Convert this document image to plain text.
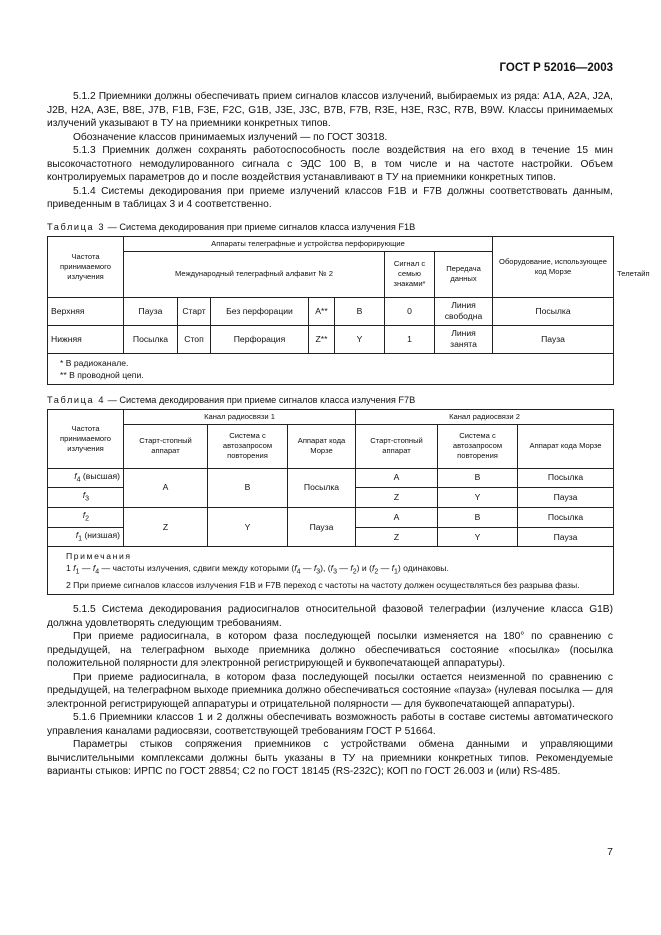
ГОСТ Р 52016—2003

5.1.2 Приемники должны обеспечивать прием сигналов классов излучений, выбираемых из ряда: A1A, A2A, J2A, J2B, H2A, A3E, B8E, J7B, F1B, F3E, F2C, G1B, J3E, J3C, B7B, F7B, R3E, H3E, R3C, R7B, B9W. Классы принимаемых излучений указывают в ТУ на приемники конкретных типов.

Обозначение классов принимаемых излучений — по ГОСТ 30318.

5.1.3 Приемник должен сохранять работоспособность после воздействия на его вход в течение 15 мин высокочастотного немодулированного сигнала с ЭДС 100 В, в том числе и на частоте настройки. Объем контролируемых параметров до и после воздействия устанавливают в ТУ на приемники конкретных типов.

5.1.4 Системы декодирования при приеме излучений классов F1B и F7B должны соответствовать данным, приведенным в таблицах 3 и 4 соответственно.

Таблица 3 — Система декодирования при приеме сигналов класса излучения F1B
Частота принимаемого излучения	Аппараты телеграфные и устройства перфорирующие							Оборудование, использующее код Морзе	
	Международный телеграфный алфавит № 2					Сигнал с семью знаками*	Передача данных		Телетайп
Верхняя	Пауза	Старт	Без перфорации	A**	B	0	Линия свободна	Посылка	
Нижняя	Посылка	Стоп	Перфорация	Z**	Y	1	Линия занята	Пауза	

* В радиоканале.
** В проводной цепи.									
Таблица 4 — Система декодирования при приеме сигналов класса излучения F7B
Частота принимаемого излучения	Канал радиосвязи 1			Канал радиосвязи 2		
	Старт-стопный аппарат	Система с автозапросом повторения	Аппарат кода Морзе	Старт-стопный аппарат	Система с автозапросом повторения	Аппарат кода Морзе
$f_4$ (высшая)	A	B	Посылка	A	B	Посылка
$f_3$				Z	Y	Пауза
$f_2$	Z	Y	Пауза	A	B	Посылка
$f_1$ (низшая)				Z	Y	Пауза

Примечания
1 $f_1$ — $f_4$ — частоты излучения, сдвиги между которыми ($f_4$ — $f_3$), ($f_3$ — $f_2$) и ($f_2$ — $f_1$) одинаковы.
2 При приеме сигналов классов излучения F1B и F7B переход с частоты на частоту должен осуществляться без разрыва фазы.						

5.1.5 Система декодирования радиосигналов относительной фазовой телеграфии (излучение класса G1B) должна удовлетворять следующим требованиям.

При приеме радиосигнала, в котором фаза последующей посылки изменяется на 180° по сравнению с предыдущей, на телеграфном выходе приемника должно обеспечиваться состояние «посылка» (посылка положительной полярности для электронной регистрирующей и буквопечатающей аппаратуры).

При приеме радиосигнала, в котором фаза последующей посылки остается неизменной по сравнению с предыдущей, на телеграфном выходе приемника должно обеспечиваться состояние «пауза» (нулевая посылка — для электронной регистрирующей аппаратуры и отрицательной полярности — для буквопечатающей аппаратуры).

5.1.6 Приемники классов 1 и 2 должны обеспечивать возможность работы в составе системы автоматического управления каналами радиосвязи, соответствующей требованиям ГОСТ Р 51664.

Параметры стыков сопряжения приемников с устройствами обмена данными и управляющими вычислительными комплексами должны быть указаны в ТУ на приемники конкретных типов. Рекомендуемые варианты стыков: ИРПС по ГОСТ 28854; С2 по ГОСТ 18145 (RS-232C); КОП по ГОСТ 26.003 и (или) RS-485.

7
